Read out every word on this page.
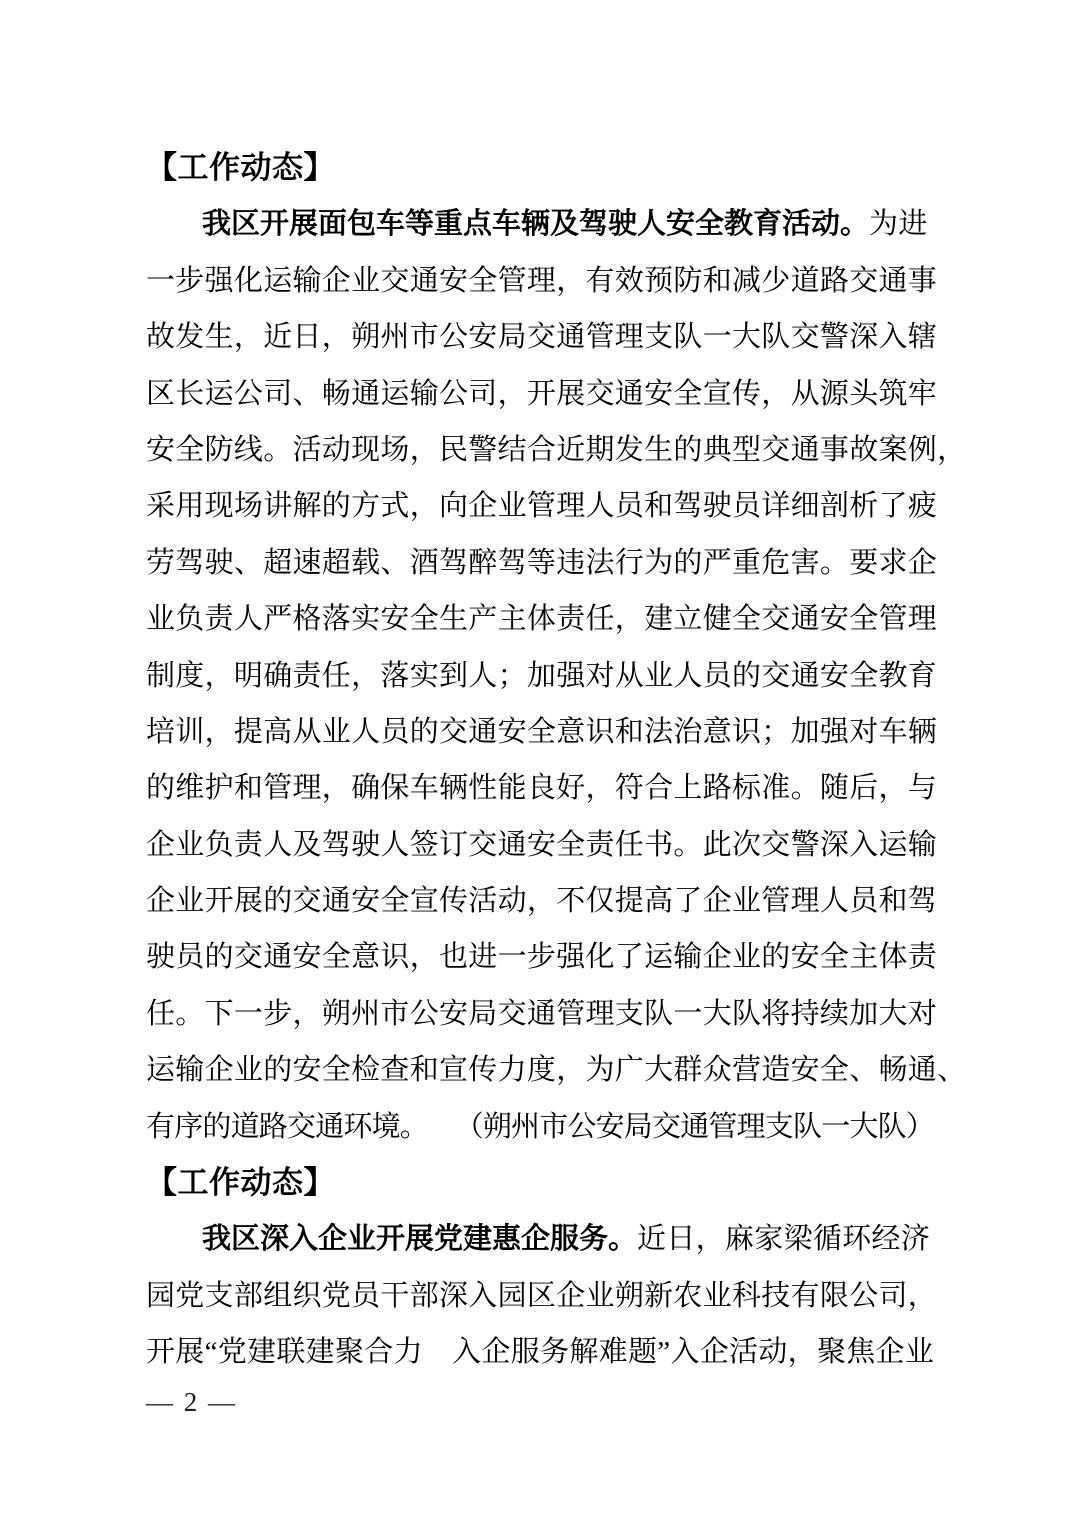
【工作动态】
我区开展面包车等重点车辆及驾驶人安全教育活动。为进
一步强化运输企业交通安全管理，有效预防和减少道路交通事
故发生，近日，朔州市公安局交通管理支队一大队交警深入辖
区长运公司、畅通运输公司，开展交通安全宣传，从源头筑牢
安全防线。活动现场，民警结合近期发生的典型交通事故案例，
采用现场讲解的方式，向企业管理人员和驾驶员详细剖析了疲
劳驾驶、超速超载、酒驾醉驾等违法行为的严重危害。要求企
业负责人严格落实安全生产主体责任，建立健全交通安全管理
制度，明确责任，落实到人；加强对从业人员的交通安全教育
培训，提高从业人员的交通安全意识和法治意识；加强对车辆
的维护和管理，确保车辆性能良好，符合上路标准。随后，与
企业负责人及驾驶人签订交通安全责任书。此次交警深入运输
企业开展的交通安全宣传活动，不仅提高了企业管理人员和驾
驶员的交通安全意识，也进一步强化了运输企业的安全主体责
任。下一步，朔州市公安局交通管理支队一大队将持续加大对
运输企业的安全检查和宣传力度，为广大群众营造安全、畅通、
有序的道路交通环境。 （朔州市公安局交通管理支队一大队）
【工作动态】
我区深入企业开展党建惠企服务。近日，麻家梁循环经济
园党支部组织党员干部深入园区企业朔新农业科技有限公司，
开展“党建联建聚合力　入企服务解难题”入企活动，聚焦企业
— 2 —
